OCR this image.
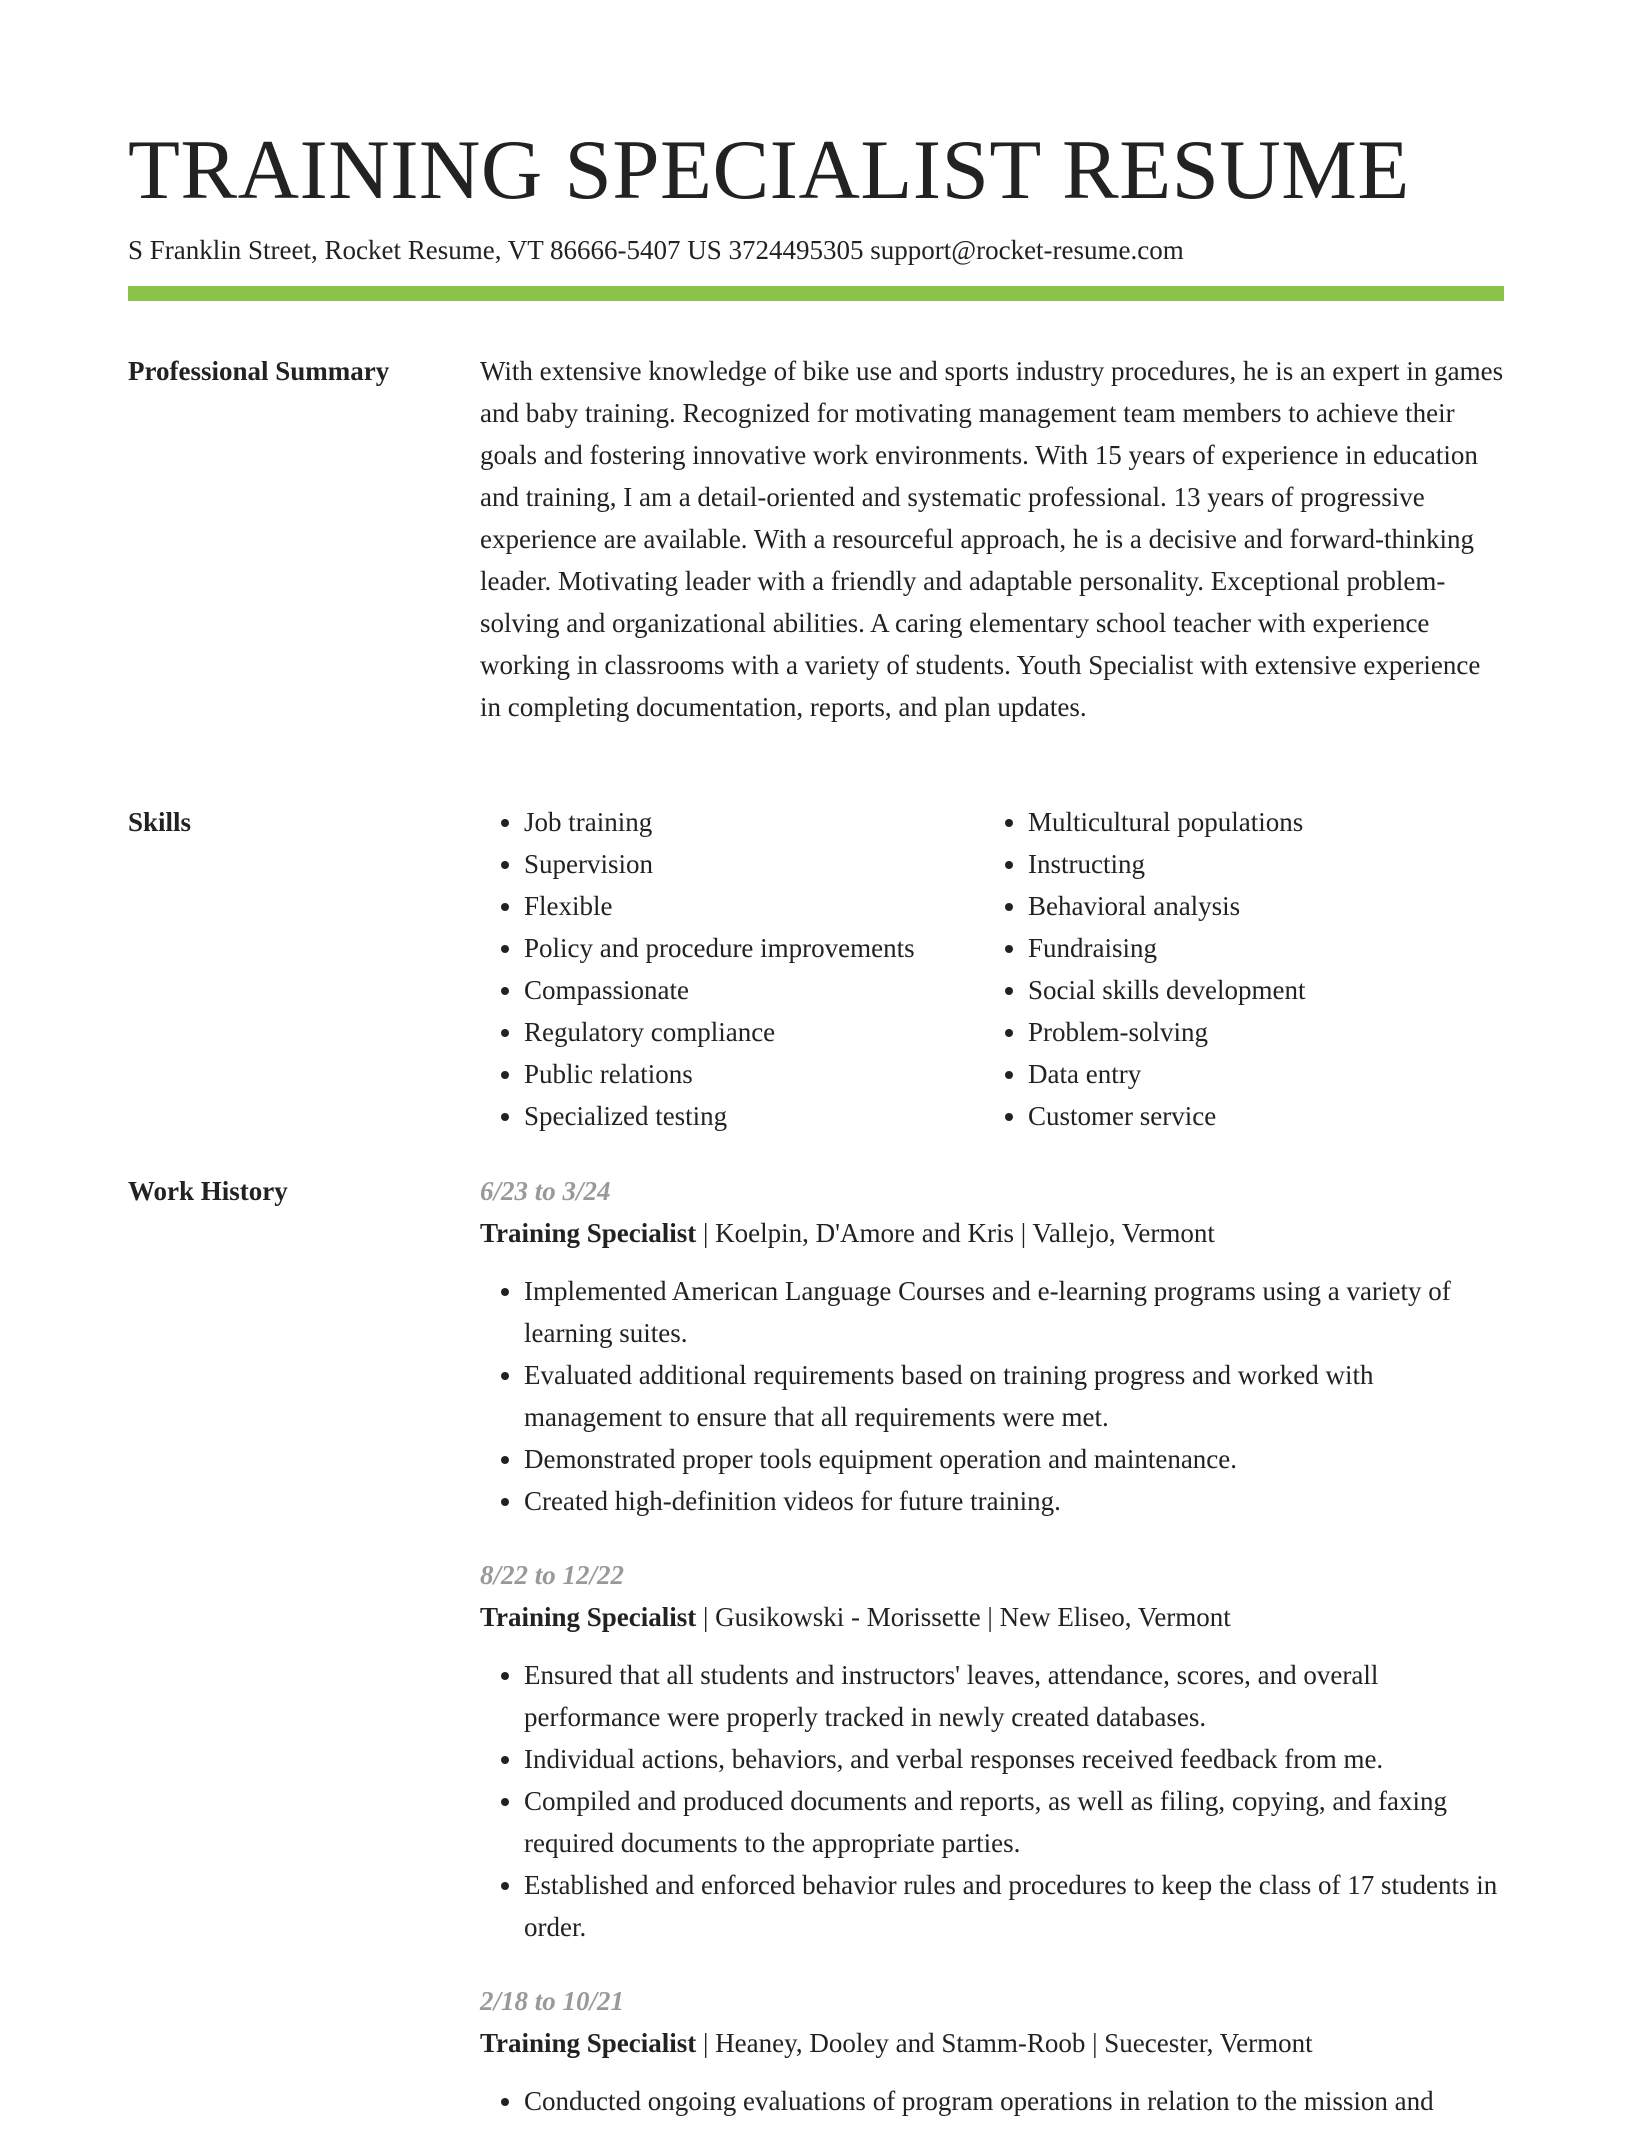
TRAINING SPECIALIST RESUME
S Franklin Street, Rocket Resume, VT 86666-5407 US 3724495305 support@rocket-resume.com
Professional Summary	With extensive knowledge of bike use and sports industry procedures, he is an expert in games and baby training. Recognized for motivating management team members to achieve their goals and fostering innovative work environments. With 15 years of experience in education and training, I am a detail-oriented and systematic professional. 13 years of progressive experience are available. With a resourceful approach, he is a decisive and forward-thinking leader. Motivating leader with a friendly and adaptable personality. Exceptional problem-solving and organizational abilities. A caring elementary school teacher with experience working in classrooms with a variety of students. Youth Specialist with extensive experience in completing documentation, reports, and plan updates.

Skills
•	Job training
• Supervision
• Flexible
• Policy and procedure improvements
• Compassionate
• Regulatory compliance
• Public relations
• Specialized testing
• Multicultural populations
• Instructing
• Behavioral analysis
• Fundraising
• Social skills development
• Problem-solving
• Data entry
• Customer service
Work History	6/23 to 3/24
Training Specialist | Koelpin, D'Amore and Kris | Vallejo, Vermont
• Implemented American Language Courses and e-learning programs using a variety of learning suites.
• Evaluated additional requirements based on training progress and worked with management to ensure that all requirements were met.
• Demonstrated proper tools equipment operation and maintenance.
• Created high-definition videos for future training.
8/22 to 12/22
Training Specialist | Gusikowski - Morissette | New Eliseo, Vermont
• Ensured that all students and instructors' leaves, attendance, scores, and overall performance were properly tracked in newly created databases.
• Individual actions, behaviors, and verbal responses received feedback from me.
• Compiled and produced documents and reports, as well as filing, copying, and faxing required documents to the appropriate parties.
• Established and enforced behavior rules and procedures to keep the class of 17 students in order.
2/18 to 10/21
Training Specialist | Heaney, Dooley and Stamm-Roob | Suecester, Vermont
• Conducted ongoing evaluations of program operations in relation to the mission and
